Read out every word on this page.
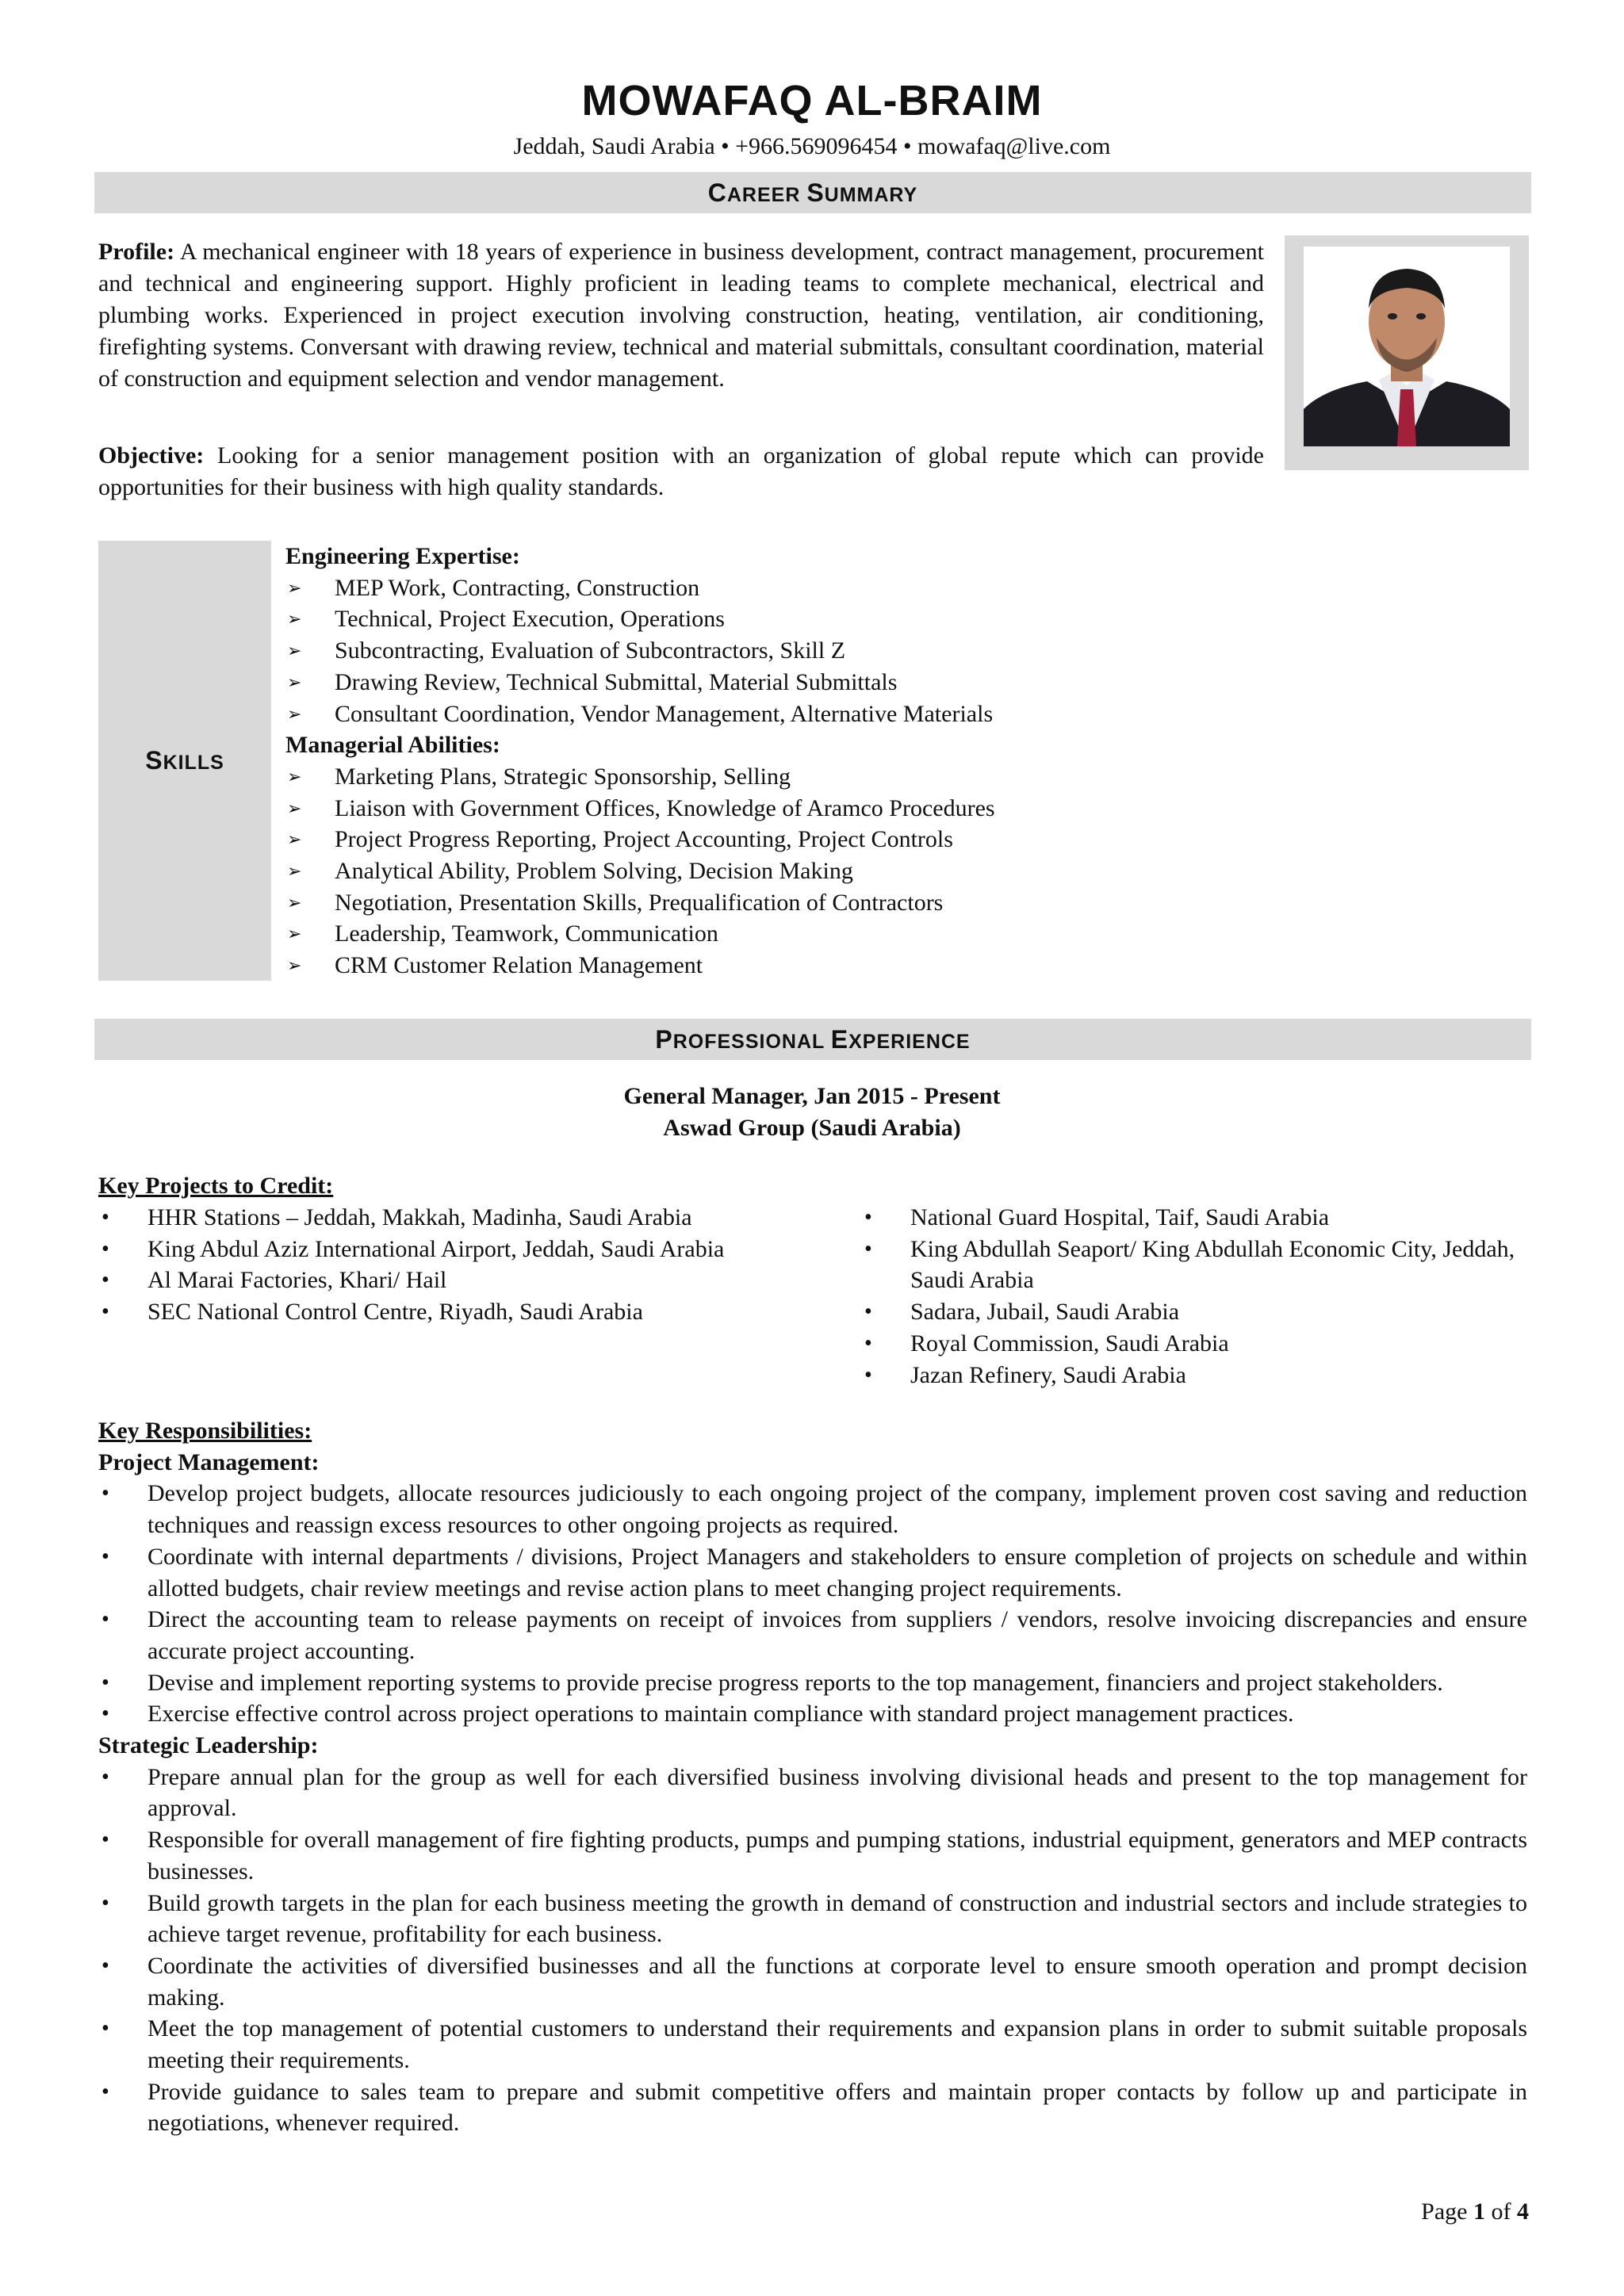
MOWAFAQ AL-BRAIM
Jeddah, Saudi Arabia • +966.569096454 • mowafaq@live.com
CAREER SUMMARY

Profile: A mechanical engineer with 18 years of experience in business development, contract management, procurement and technical and engineering support. Highly proficient in leading teams to complete mechanical, electrical and plumbing works. Experienced in project execution involving construction, heating, ventilation, air conditioning, firefighting systems. Conversant with drawing review, technical and material submittals, consultant coordination, material of construction and equipment selection and vendor management.

Objective: Looking for a senior management position with an organization of global repute which can provide opportunities for their business with high quality standards.

SKILLS
Engineering Expertise:
➢ MEP Work, Contracting, Construction
➢ Technical, Project Execution, Operations
➢ Subcontracting, Evaluation of Subcontractors, Skill Z
➢ Drawing Review, Technical Submittal, Material Submittals
➢ Consultant Coordination, Vendor Management, Alternative Materials
Managerial Abilities:
➢ Marketing Plans, Strategic Sponsorship, Selling
➢ Liaison with Government Offices, Knowledge of Aramco Procedures
➢ Project Progress Reporting, Project Accounting, Project Controls
➢ Analytical Ability, Problem Solving, Decision Making
➢ Negotiation, Presentation Skills, Prequalification of Contractors
➢ Leadership, Teamwork, Communication
➢ CRM Customer Relation Management
PROFESSIONAL EXPERIENCE
General Manager, Jan 2015 - Present
Aswad Group (Saudi Arabia)
Key Projects to Credit:
• HHR Stations – Jeddah, Makkah, Madinha, Saudi Arabia
• King Abdul Aziz International Airport, Jeddah, Saudi Arabia
• Al Marai Factories, Khari/ Hail
• SEC National Control Centre, Riyadh, Saudi Arabia
• National Guard Hospital, Taif, Saudi Arabia
• King Abdullah Seaport/ King Abdullah Economic City, Jeddah, Saudi Arabia
• Sadara, Jubail, Saudi Arabia
• Royal Commission, Saudi Arabia
• Jazan Refinery, Saudi Arabia
Key Responsibilities:
Project Management:
• Develop project budgets, allocate resources judiciously to each ongoing project of the company, implement proven cost saving and reduction techniques and reassign excess resources to other ongoing projects as required.
• Coordinate with internal departments / divisions, Project Managers and stakeholders to ensure completion of projects on schedule and within allotted budgets, chair review meetings and revise action plans to meet changing project requirements.
• Direct the accounting team to release payments on receipt of invoices from suppliers / vendors, resolve invoicing discrepancies and ensure accurate project accounting.
• Devise and implement reporting systems to provide precise progress reports to the top management, financiers and project stakeholders.
• Exercise effective control across project operations to maintain compliance with standard project management practices.
Strategic Leadership:
• Prepare annual plan for the group as well for each diversified business involving divisional heads and present to the top management for approval.
• Responsible for overall management of fire fighting products, pumps and pumping stations, industrial equipment, generators and MEP contracts businesses.
• Build growth targets in the plan for each business meeting the growth in demand of construction and industrial sectors and include strategies to achieve target revenue, profitability for each business.
• Coordinate the activities of diversified businesses and all the functions at corporate level to ensure smooth operation and prompt decision making.
• Meet the top management of potential customers to understand their requirements and expansion plans in order to submit suitable proposals meeting their requirements.
• Provide guidance to sales team to prepare and submit competitive offers and maintain proper contacts by follow up and participate in negotiations, whenever required.
Page 1 of 4
